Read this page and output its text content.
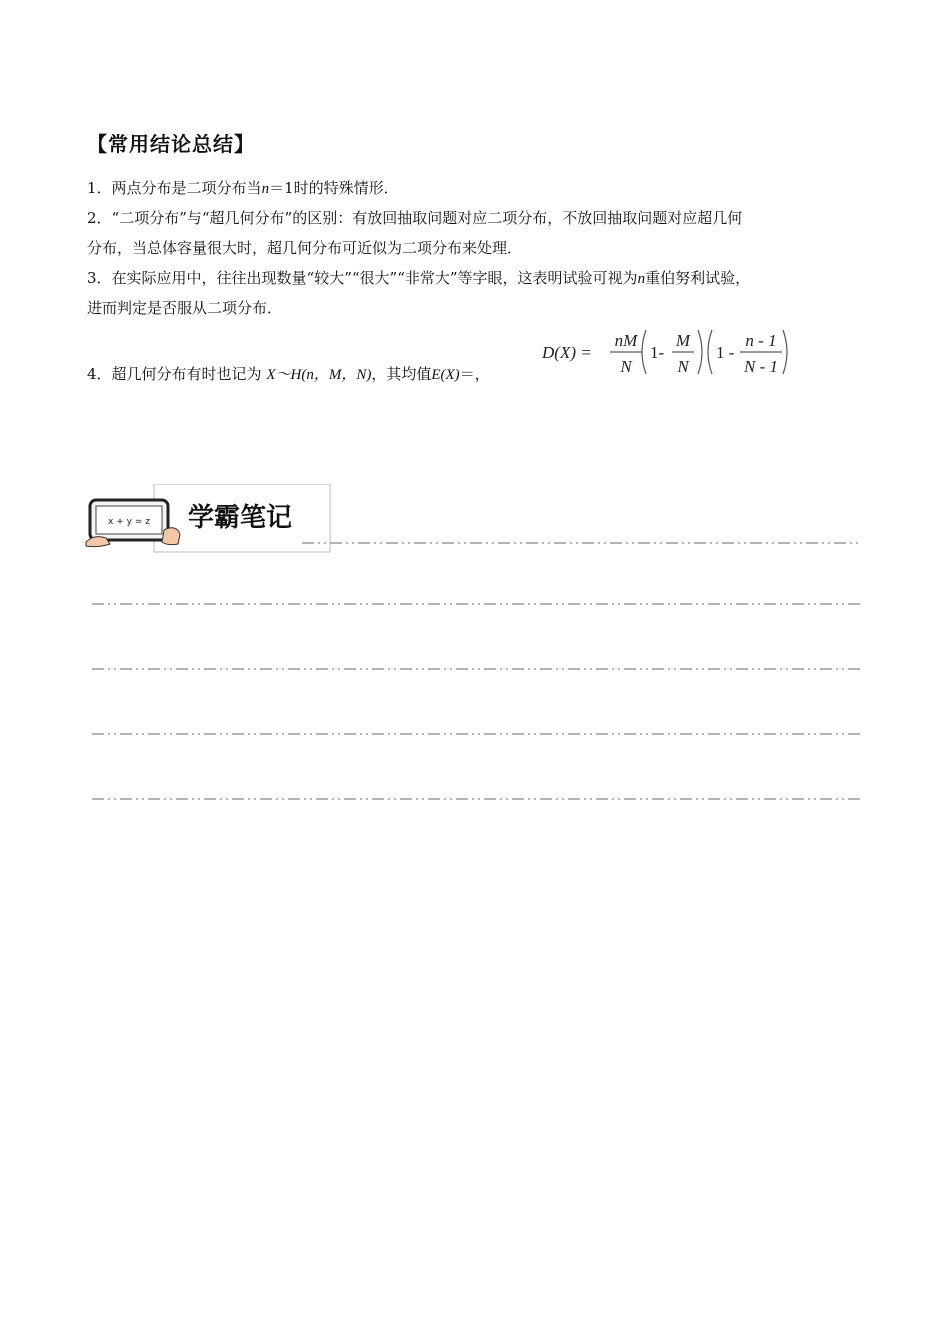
【常用结论总结】
1．两点分布是二项分布当n＝1时的特殊情形．
2．“二项分布”与“超几何分布”的区别：有放回抽取问题对应二项分布，不放回抽取问题对应超几何
分布，当总体容量很大时，超几何分布可近似为二项分布来处理．
3．在实际应用中，往往出现数量“较大”“很大”“非常大”等字眼，这表明试验可视为n重伯努利试验，
进而判定是否服从二项分布．
4．超几何分布有时也记为 X～H(n，M，N)，其均值E(X)＝，
D(X) =
nM
N
1-
M
N
1 -
n - 1
N - 1
x + y = z 学霸笔记
